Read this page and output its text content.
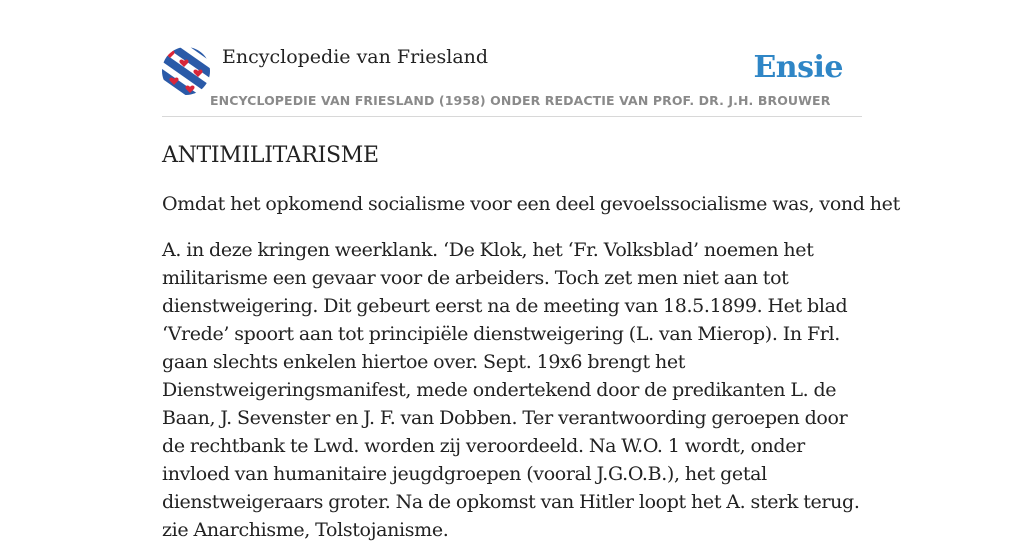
Encyclopedie van Friesland	Ensie
ENCYCLOPEDIE VAN FRIESLAND (1958) ONDER REDACTIE VAN PROF. DR. J.H. BROUWER
ANTIMILITARISME
Omdat het opkomend socialisme voor een deel gevoelssocialisme was, vond het
A. in deze kringen weerklank. ‘De Klok, het ‘Fr. Volksblad’ noemen het militarisme een gevaar voor de arbeiders. Toch zet men niet aan tot dienstweigering. Dit gebeurt eerst na de meeting van 18.5.1899. Het blad ‘Vrede’ spoort aan tot principiële dienstweigering (L. van Mierop). In Frl. gaan slechts enkelen hiertoe over. Sept. 19x6 brengt het Dienstweigeringsmanifest, mede ondertekend door de predikanten L. de Baan, J. Sevenster en J. F. van Dobben. Ter verantwoording geroepen door de rechtbank te Lwd. worden zij veroordeeld. Na W.O. 1 wordt, onder invloed van humanitaire jeugdgroepen (vooral J.G.O.B.), het getal dienstweigeraars groter. Na de opkomst van Hitler loopt het A. sterk terug. zie Anarchisme, Tolstojanisme.
